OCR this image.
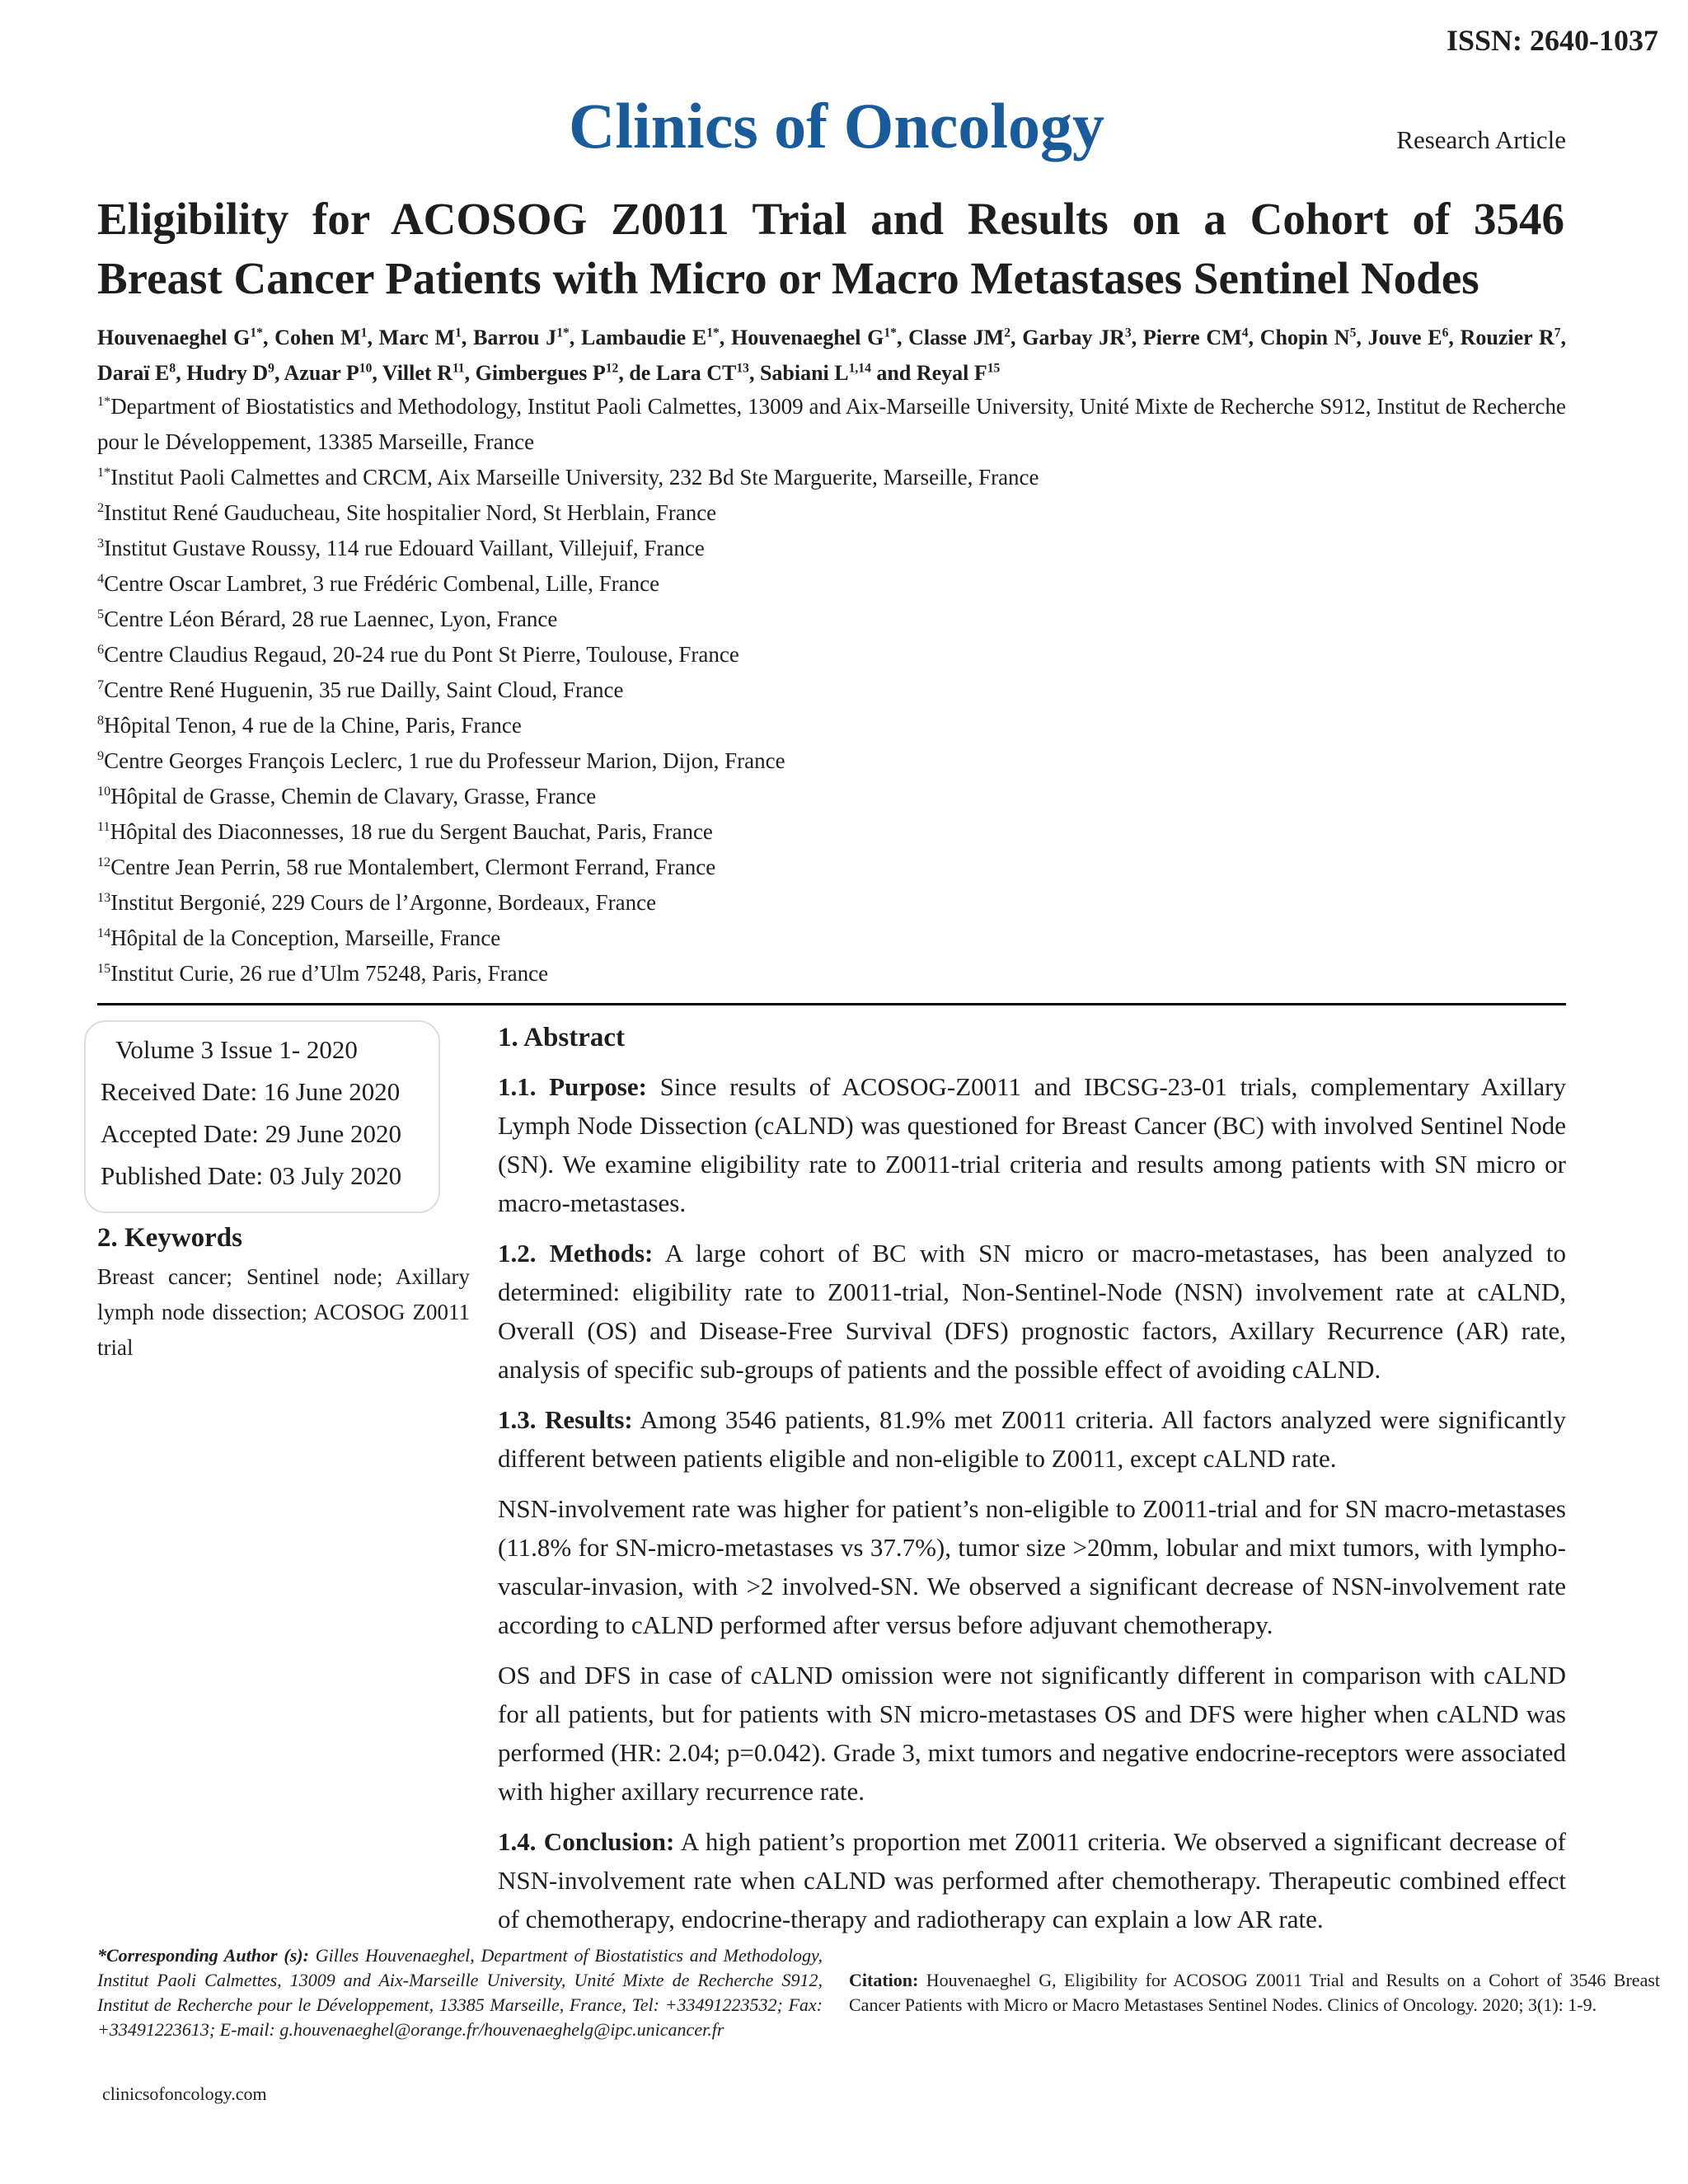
ISSN: 2640-1037
Clinics of Oncology	Research Article
Eligibility for ACOSOG Z0011 Trial and Results on a Cohort of 3546
Breast Cancer Patients with Micro or Macro Metastases Sentinel Nodes
Houvenaeghel $G^{1*}$, Cohen $M^1$, Marc $M^1$, Barrou $J^{1*}$, Lambaudie $E^{1*}$, Houvenaeghel $G^{1*}$, Classe $JM^2$, Garbay $JR^3$, Pierre $CM^4$, Chopin $N^5$, Jouve $E^6$, Rouzier $R^7$, Daraï $E^8$, Hudry $D^9$, Azuar $P^{10}$, Villet $R^{11}$, Gimbergues $P^{12}$, de Lara CT$^{13}$, Sabiani L$^{1,14}$ and Reyal $F^{15}$
$^{1*}$Department of Biostatistics and Methodology, Institut Paoli Calmettes, 13009 and Aix-Marseille University, Unité Mixte de Recherche S912, Institut de Recherche pour le Développement, 13385 Marseille, France
$^{1*}$Institut Paoli Calmettes and CRCM, Aix Marseille University, 232 Bd Ste Marguerite, Marseille, France
$^2$Institut René Gauducheau, Site hospitalier Nord, St Herblain, France
$^3$Institut Gustave Roussy, 114 rue Edouard Vaillant, Villejuif, France
$^4$Centre Oscar Lambret, 3 rue Frédéric Combenal, Lille, France
$^5$Centre Léon Bérard, 28 rue Laennec, Lyon, France
$^6$Centre Claudius Regaud, 20-24 rue du Pont St Pierre, Toulouse, France
$^7$Centre René Huguenin, 35 rue Dailly, Saint Cloud, France
$^8$Hôpital Tenon, 4 rue de la Chine, Paris, France
$^9$Centre Georges François Leclerc, 1 rue du Professeur Marion, Dijon, France
$^{10}$Hôpital de Grasse, Chemin de Clavary, Grasse, France
$^{11}$Hôpital des Diaconnesses, 18 rue du Sergent Bauchat, Paris, France
$^{12}$Centre Jean Perrin, 58 rue Montalembert, Clermont Ferrand, France
$^{13}$Institut Bergonié, 229 Cours de l’Argonne, Bordeaux, France
$^{14}$Hôpital de la Conception, Marseille, France
$^{15}$Institut Curie, 26 rue d’Ulm 75248, Paris, France
Volume 3 Issue 1- 2020
Received Date: 16 June 2020
Accepted Date: 29 June 2020
Published Date: 03 July 2020
2. Keywords
Breast cancer; Sentinel node; Axillary lymph node dissection; ACOSOG Z0011 trial
1. Abstract

1.1. Purpose: Since results of ACOSOG-Z0011 and IBCSG-23-01 trials, complementary Axillary Lymph Node Dissection (cALND) was questioned for Breast Cancer (BC) with involved Sentinel Node (SN). We examine eligibility rate to Z0011-trial criteria and results among patients with SN micro or macro-metastases.

1.2. Methods: A large cohort of BC with SN micro or macro-metastases, has been analyzed to determined: eligibility rate to Z0011-trial, Non-Sentinel-Node (NSN) involvement rate at cALND, Overall (OS) and Disease-Free Survival (DFS) prognostic factors, Axillary Recurrence (AR) rate, analysis of specific sub-groups of patients and the possible effect of avoiding cALND.

1.3. Results: Among 3546 patients, 81.9% met Z0011 criteria. All factors analyzed were significantly different between patients eligible and non-eligible to Z0011, except cALND rate.

NSN-involvement rate was higher for patient’s non-eligible to Z0011-trial and for SN macro-metastases (11.8% for SN-micro-metastases vs 37.7%), tumor size >20mm, lobular and mixt tumors, with lympho-vascular-invasion, with >2 involved-SN. We observed a significant decrease of NSN-involvement rate according to cALND performed after versus before adjuvant chemotherapy.

OS and DFS in case of cALND omission were not significantly different in comparison with cALND for all patients, but for patients with SN micro-metastases OS and DFS were higher when cALND was performed (HR: 2.04; p=0.042). Grade 3, mixt tumors and negative endocrine-receptors were associated with higher axillary recurrence rate.

1.4. Conclusion: A high patient’s proportion met Z0011 criteria. We observed a significant decrease of NSN-involvement rate when cALND was performed after chemotherapy. Therapeutic combined effect of chemotherapy, endocrine-therapy and radiotherapy can explain a low AR rate.

*Corresponding Author (s): Gilles Houvenaeghel, Department of Biostatistics and Methodology, Institut Paoli Calmettes, 13009 and Aix-Marseille University, Unité Mixte de Recherche S912, Institut de Recherche pour le Développement, 13385 Marseille, France, Tel: +33491223532; Fax: +33491223613; E-mail: g.houvenaeghel@orange.fr/houvenaeghelg@ipc.unicancer.fr
Citation: Houvenaeghel G, Eligibility for ACOSOG Z0011 Trial and Results on a Cohort of 3546 Breast Cancer Patients with Micro or Macro Metastases Sentinel Nodes. Clinics of Oncology. 2020; 3(1): 1-9.
clinicsofoncology.com
